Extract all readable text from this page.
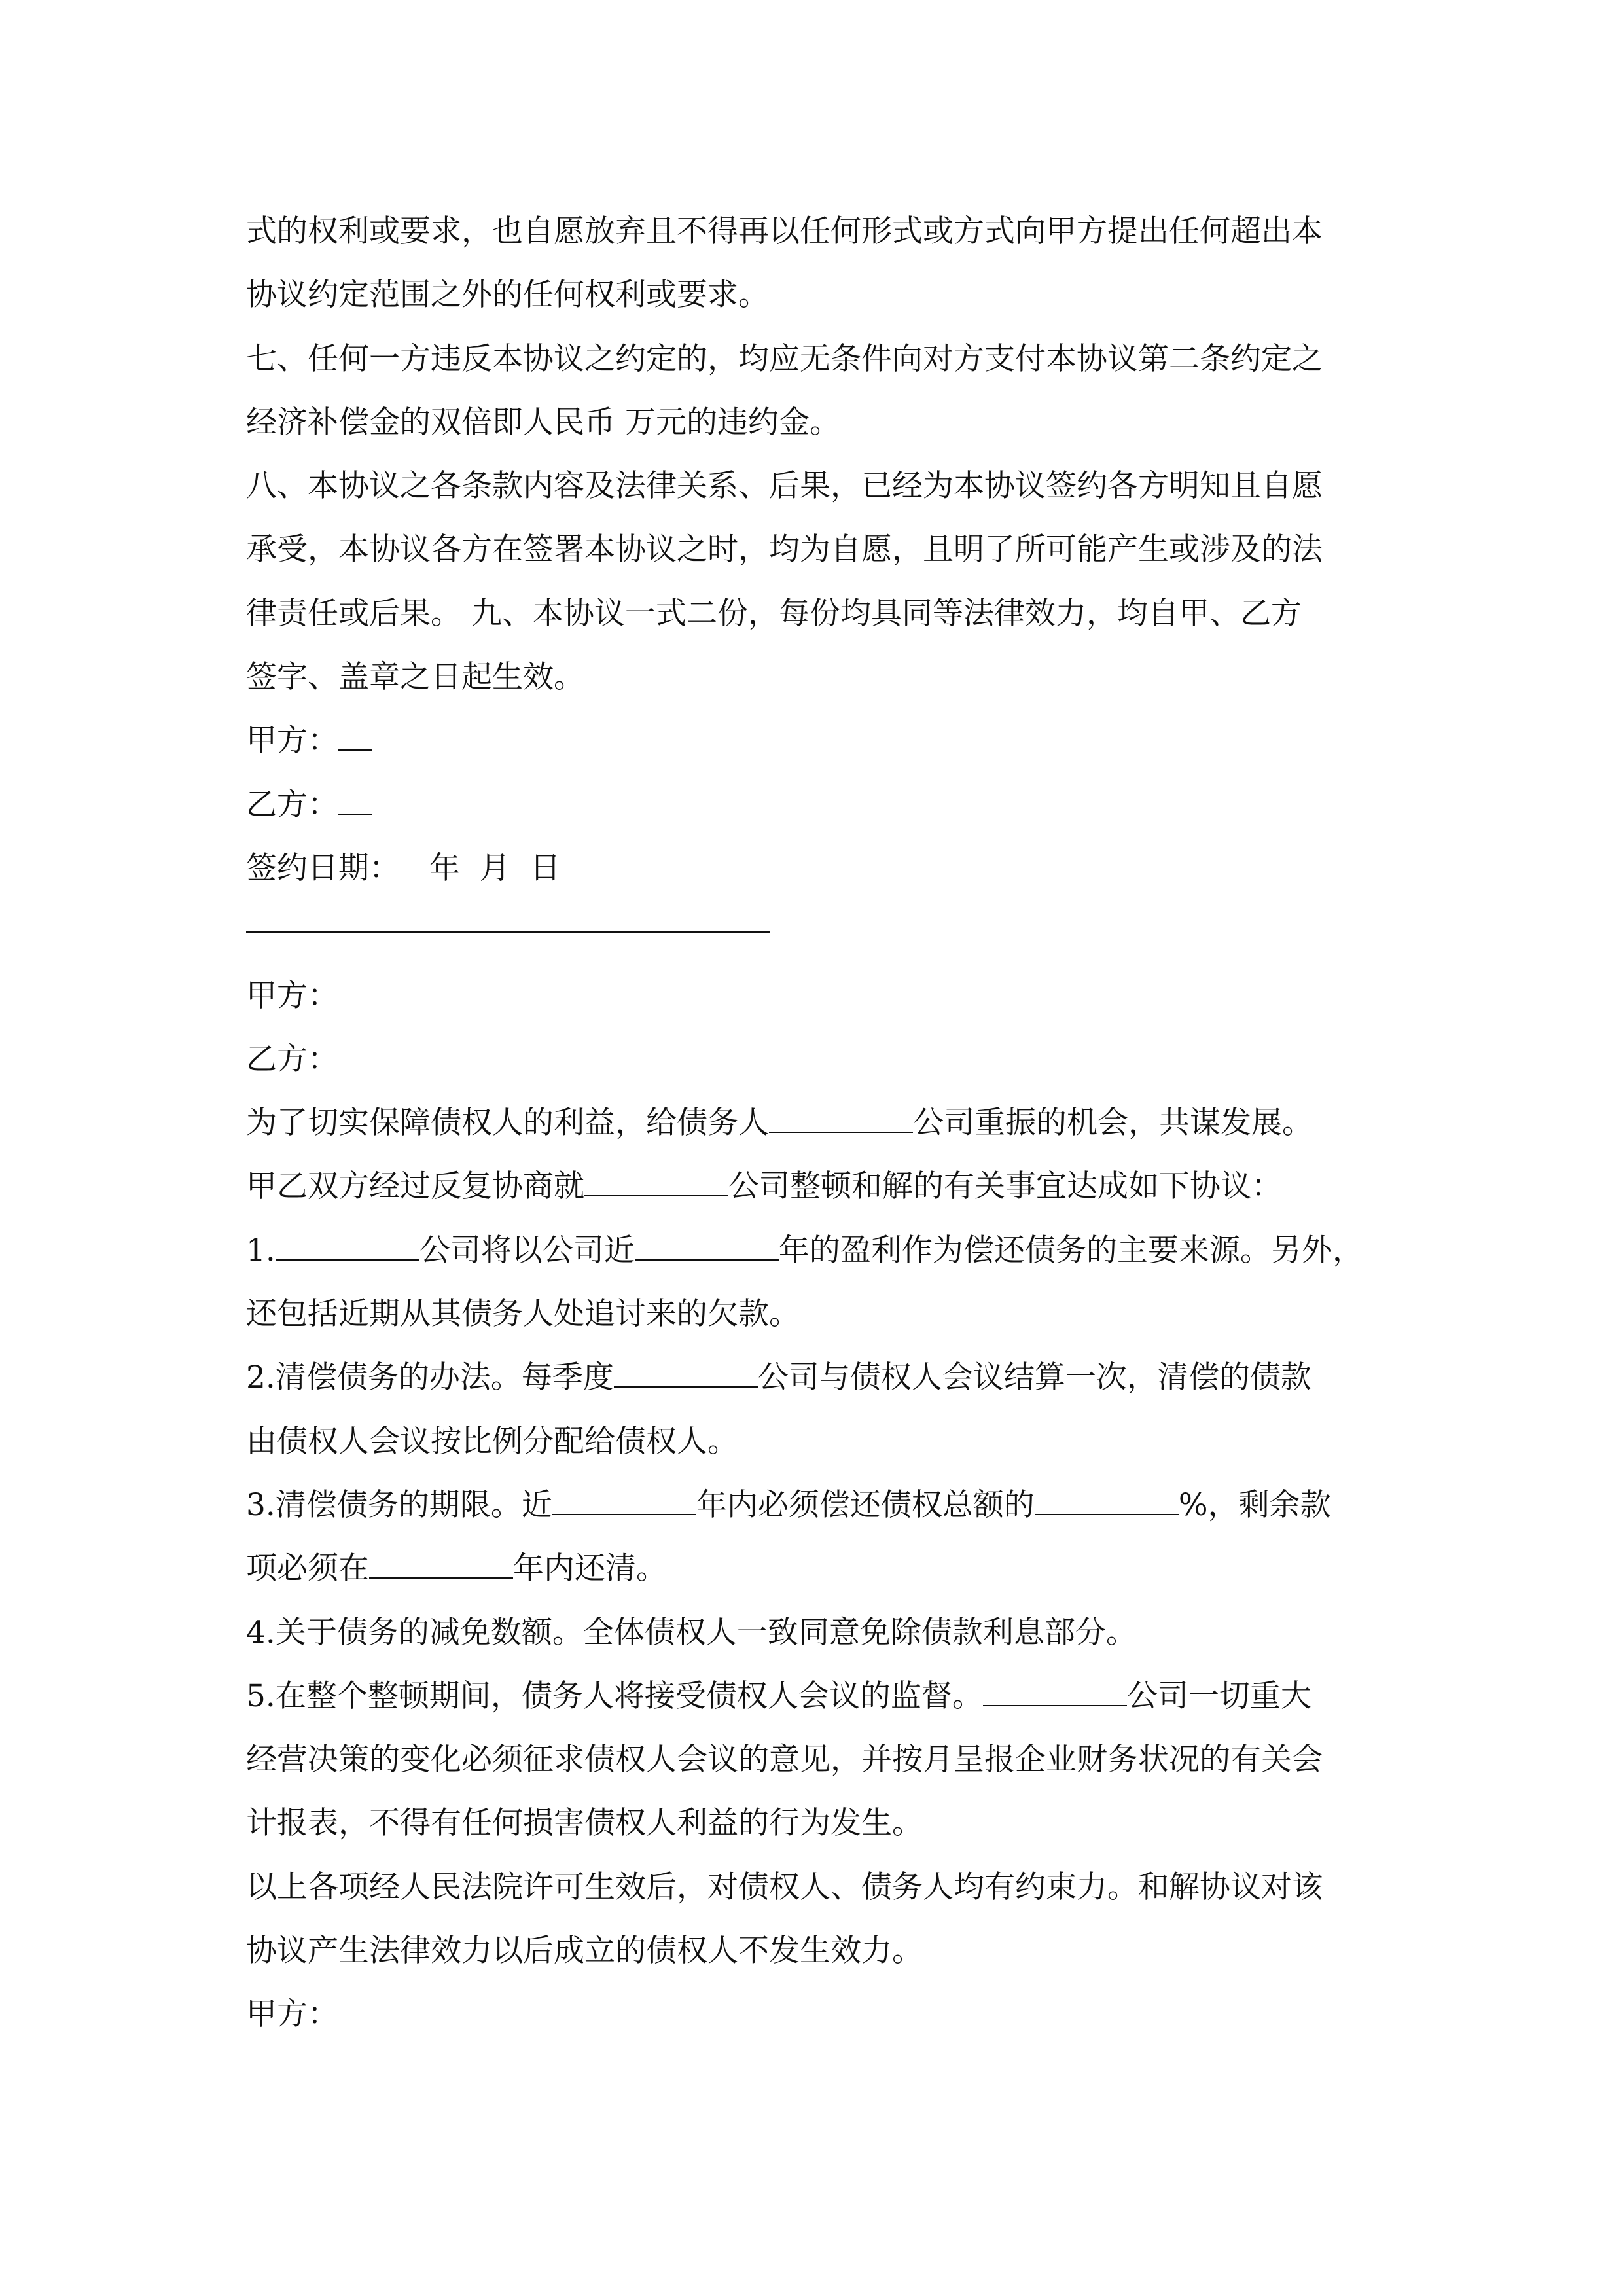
式的权利或要求，也自愿放弃且不得再以任何形式或方式向甲方提出任何超出本
协议约定范围之外的任何权利或要求。
七、任何一方违反本协议之约定的，均应无条件向对方支付本协议第二条约定之
经济补偿金的双倍即人民币 万元的违约金。
八、本协议之各条款内容及法律关系、后果，已经为本协议签约各方明知且自愿
承受，本协议各方在签署本协议之时，均为自愿，且明了所可能产生或涉及的法
律责任或后果。 九、本协议一式二份，每份均具同等法律效力，均自甲、乙方
签字、盖章之日起生效。
甲方：
乙方：
签约日期：   年  月  日
甲方：
乙方：
为了切实保障债权人的利益，给债务人	公司重振的机会，共谋发展。
甲乙双方经过反复协商就	公司整顿和解的有关事宜达成如下协议：
1.	公司将以公司近	年的盈利作为偿还债务的主要来源。另外，
还包括近期从其债务人处追讨来的欠款。
2.清偿债务的办法。每季度	公司与债权人会议结算一次，清偿的债款
由债权人会议按比例分配给债权人。
3.清偿债务的期限。近	年内必须偿还债权总额的	%，剩余款
项必须在	年内还清。
4.关于债务的减免数额。全体债权人一致同意免除债款利息部分。
5.在整个整顿期间，债务人将接受债权人会议的监督。	公司一切重大
经营决策的变化必须征求债权人会议的意见，并按月呈报企业财务状况的有关会
计报表，不得有任何损害债权人利益的行为发生。
以上各项经人民法院许可生效后，对债权人、债务人均有约束力。和解协议对该
协议产生法律效力以后成立的债权人不发生效力。
甲方：
